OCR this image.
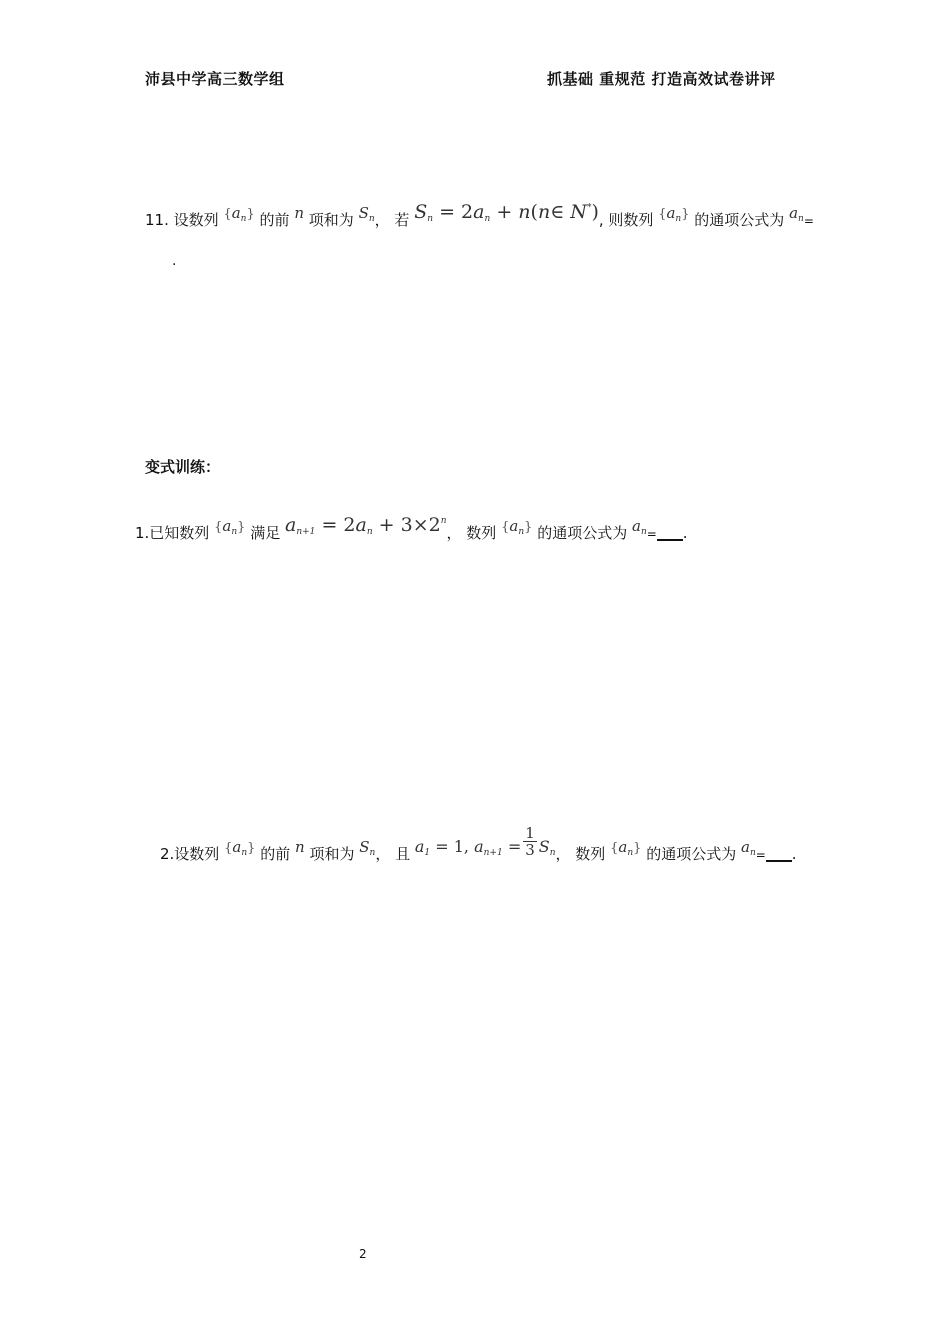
沛县中学高三数学组	抓基础 重规范 打造高效试卷讲评
11. 设数列 $\{a_n\}$ 的前 n 项和为 $S_n$， 若 $S_n = 2a_n$ + n(n∈ N*), 则数列 $\{a_n\}$ 的通项公式为 $a_n=$
.
变式训练：
1.已知数列 $\{a_n\}$ 满足 $a_{n+1} = 2a_n + 3\times 2^n$， 数列 $\{a_n\}$ 的通项公式为 $a_n=$ .
2.设数列 $\{a_n\}$ 的前 n 项和为 $S_n$， 且 $a_1 = 1$, $a_{n+1} = \frac{1}{3} S_n$， 数列 $\{a_n\}$ 的通项公式为 $a_n=$ .
2
